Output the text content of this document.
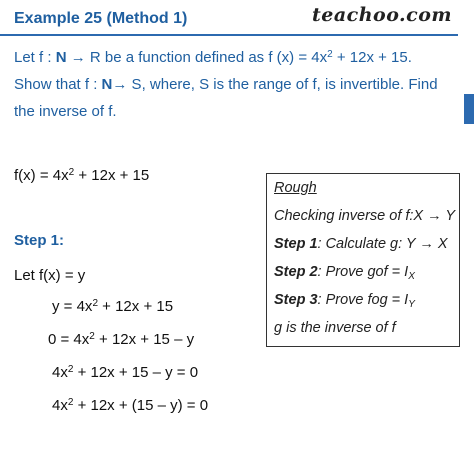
Example 25 (Method 1)	teachoo.com
Let f : N → R be a function defined as f $(x) = 4x^2 + 12x + 15$. Show that f : N→ S, where, S is the range of f, is invertible. Find the inverse of f.
$f(x) = 4x^2 + 12x + 15$
Step 1:
Let f(x) = y
$y = 4x^2 + 12x + 15$
$0 = 4x^2 + 12x + 15 - y$
$4x^2 + 12x + 15 - y = 0$
$4x^2 + 12x + (15 - y) = 0$
Rough
Checking inverse of f:X → Y
Step 1: Calculate g: Y → X
Step 2: Prove gof = $I_X$
Step 3: Prove fog = $I_Y$
g is the inverse of f
